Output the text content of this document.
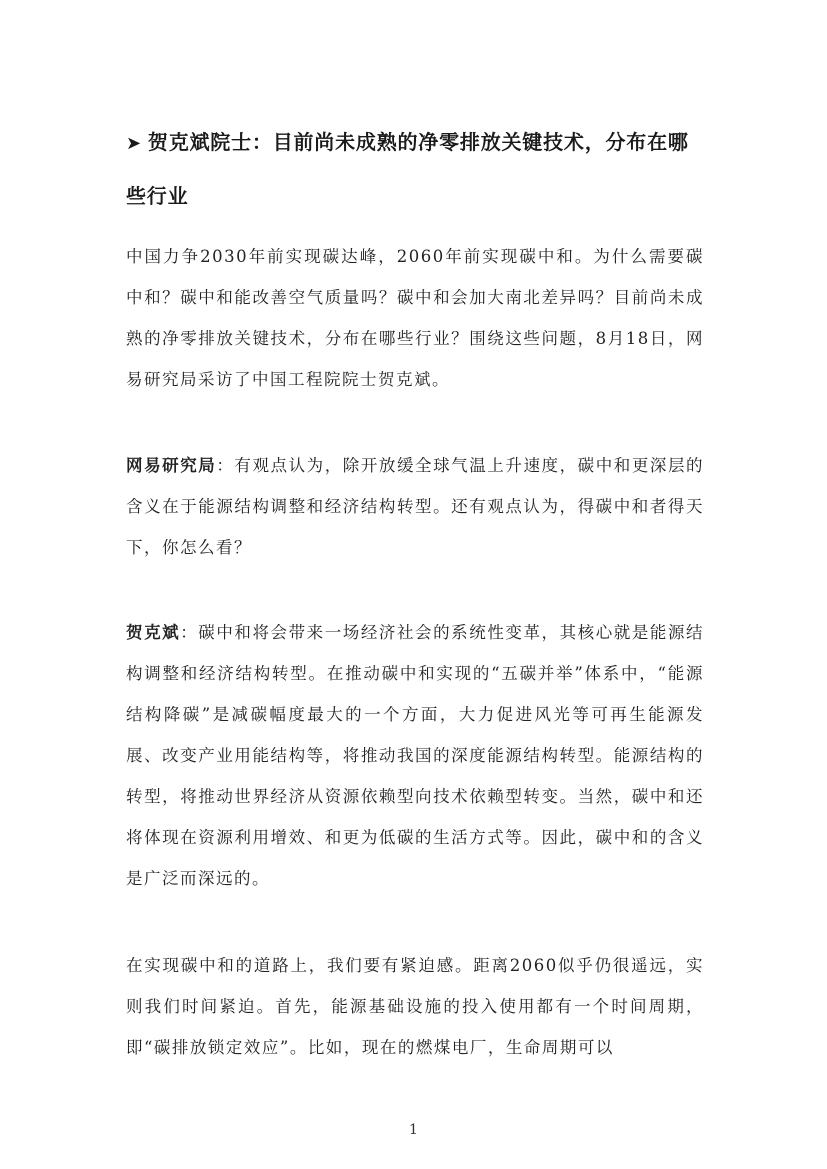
➤ 贺克斌院士：目前尚未成熟的净零排放关键技术，分布在哪些行业
中国力争2030年前实现碳达峰，2060年前实现碳中和。为什么需要碳中和？碳中和能改善空气质量吗？碳中和会加大南北差异吗？目前尚未成熟的净零排放关键技术，分布在哪些行业？围绕这些问题，8月18日，网易研究局采访了中国工程院院士贺克斌。
网易研究局：有观点认为，除开放缓全球气温上升速度，碳中和更深层的含义在于能源结构调整和经济结构转型。还有观点认为，得碳中和者得天下，你怎么看？
贺克斌：碳中和将会带来一场经济社会的系统性变革，其核心就是能源结构调整和经济结构转型。在推动碳中和实现的“五碳并举”体系中，“能源结构降碳”是减碳幅度最大的一个方面，大力促进风光等可再生能源发展、改变产业用能结构等，将推动我国的深度能源结构转型。能源结构的转型，将推动世界经济从资源依赖型向技术依赖型转变。当然，碳中和还将体现在资源利用增效、和更为低碳的生活方式等。因此，碳中和的含义是广泛而深远的。
在实现碳中和的道路上，我们要有紧迫感。距离2060似乎仍很遥远，实则我们时间紧迫。首先，能源基础设施的投入使用都有一个时间周期，即“碳排放锁定效应”。比如，现在的燃煤电厂，生命周期可以
1
